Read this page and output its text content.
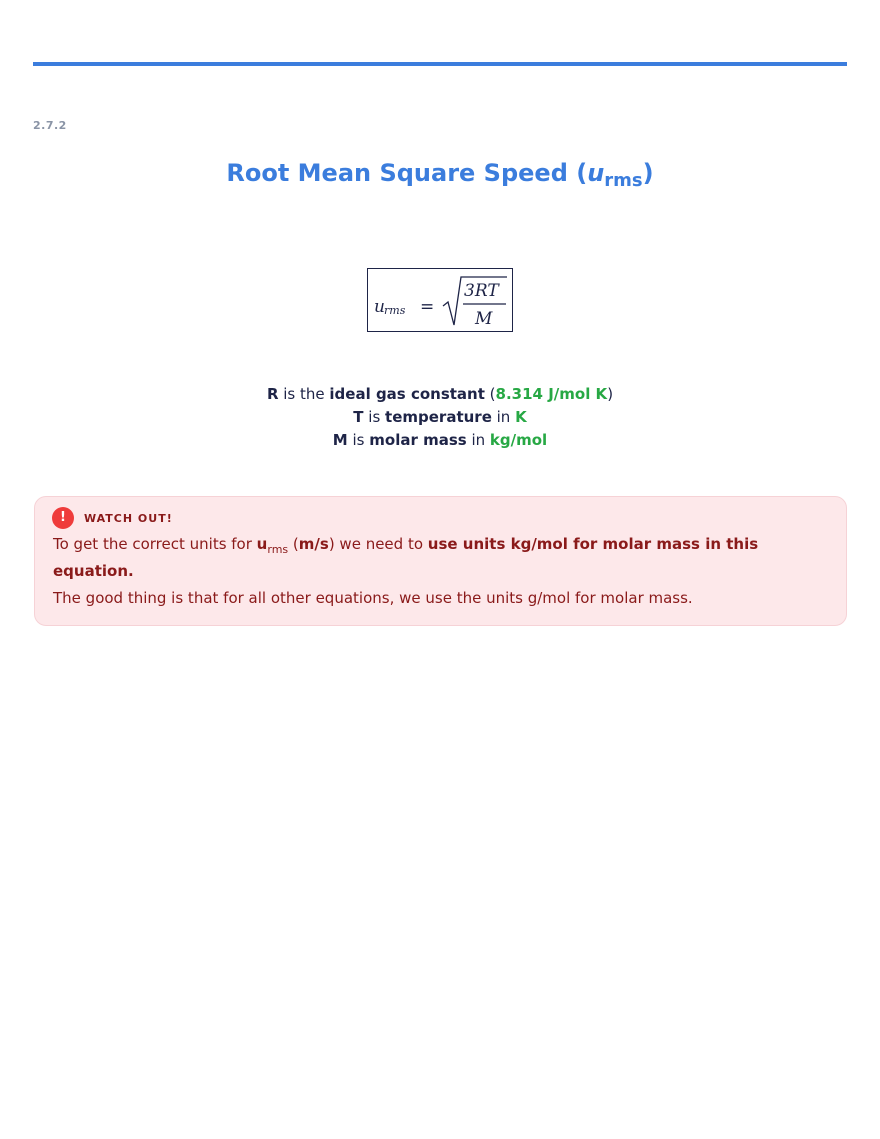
2.7.2
Root Mean Square Speed $(u_{rms})$
u rms =
3RT
M
R is the ideal gas constant (8.314 J/mol K)
T is temperature in K
M is molar mass in kg/mol
!	WATCH OUT!
To get the correct units for $u_{rms}$ (m/s) we need to use units kg/mol for molar mass in this equation.
The good thing is that for all other equations, we use the units g/mol for molar mass.
